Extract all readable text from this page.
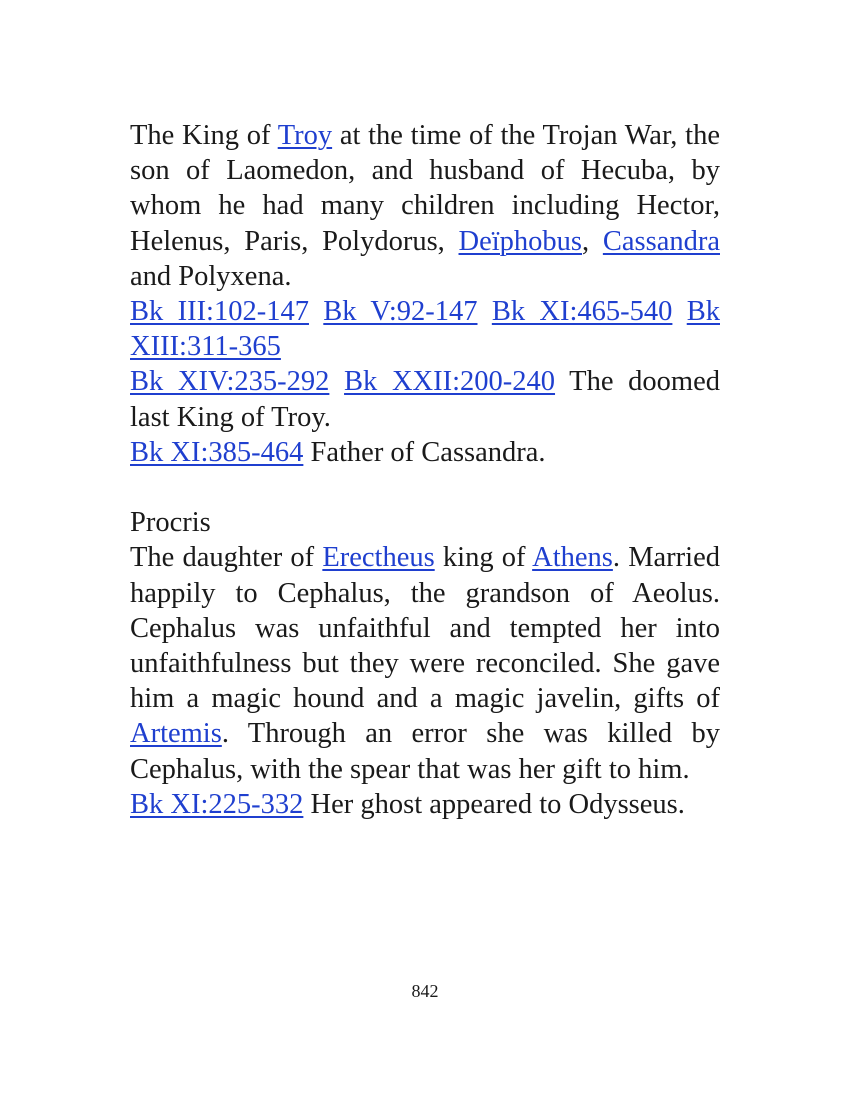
The King of Troy at the time of the Trojan War, the son of Laomedon, and husband of Hecuba, by whom he had many children including Hector, Helenus, Paris, Polydorus, Deïphobus, Cassandra and Polyxena.

Bk III:102-147 Bk V:92-147 Bk XI:465-540 Bk XIII:311-365

Bk XIV:235-292 Bk XXII:200-240 The doomed last King of Troy.

Bk XI:385-464 Father of Cassandra.

Procris

The daughter of Erectheus king of Athens. Married happily to Cephalus, the grandson of Aeolus. Cephalus was unfaithful and tempted her into unfaithfulness but they were reconciled. She gave him a magic hound and a magic javelin, gifts of Artemis. Through an error she was killed by Cephalus, with the spear that was her gift to him.

Bk XI:225-332 Her ghost appeared to Odysseus.

842
